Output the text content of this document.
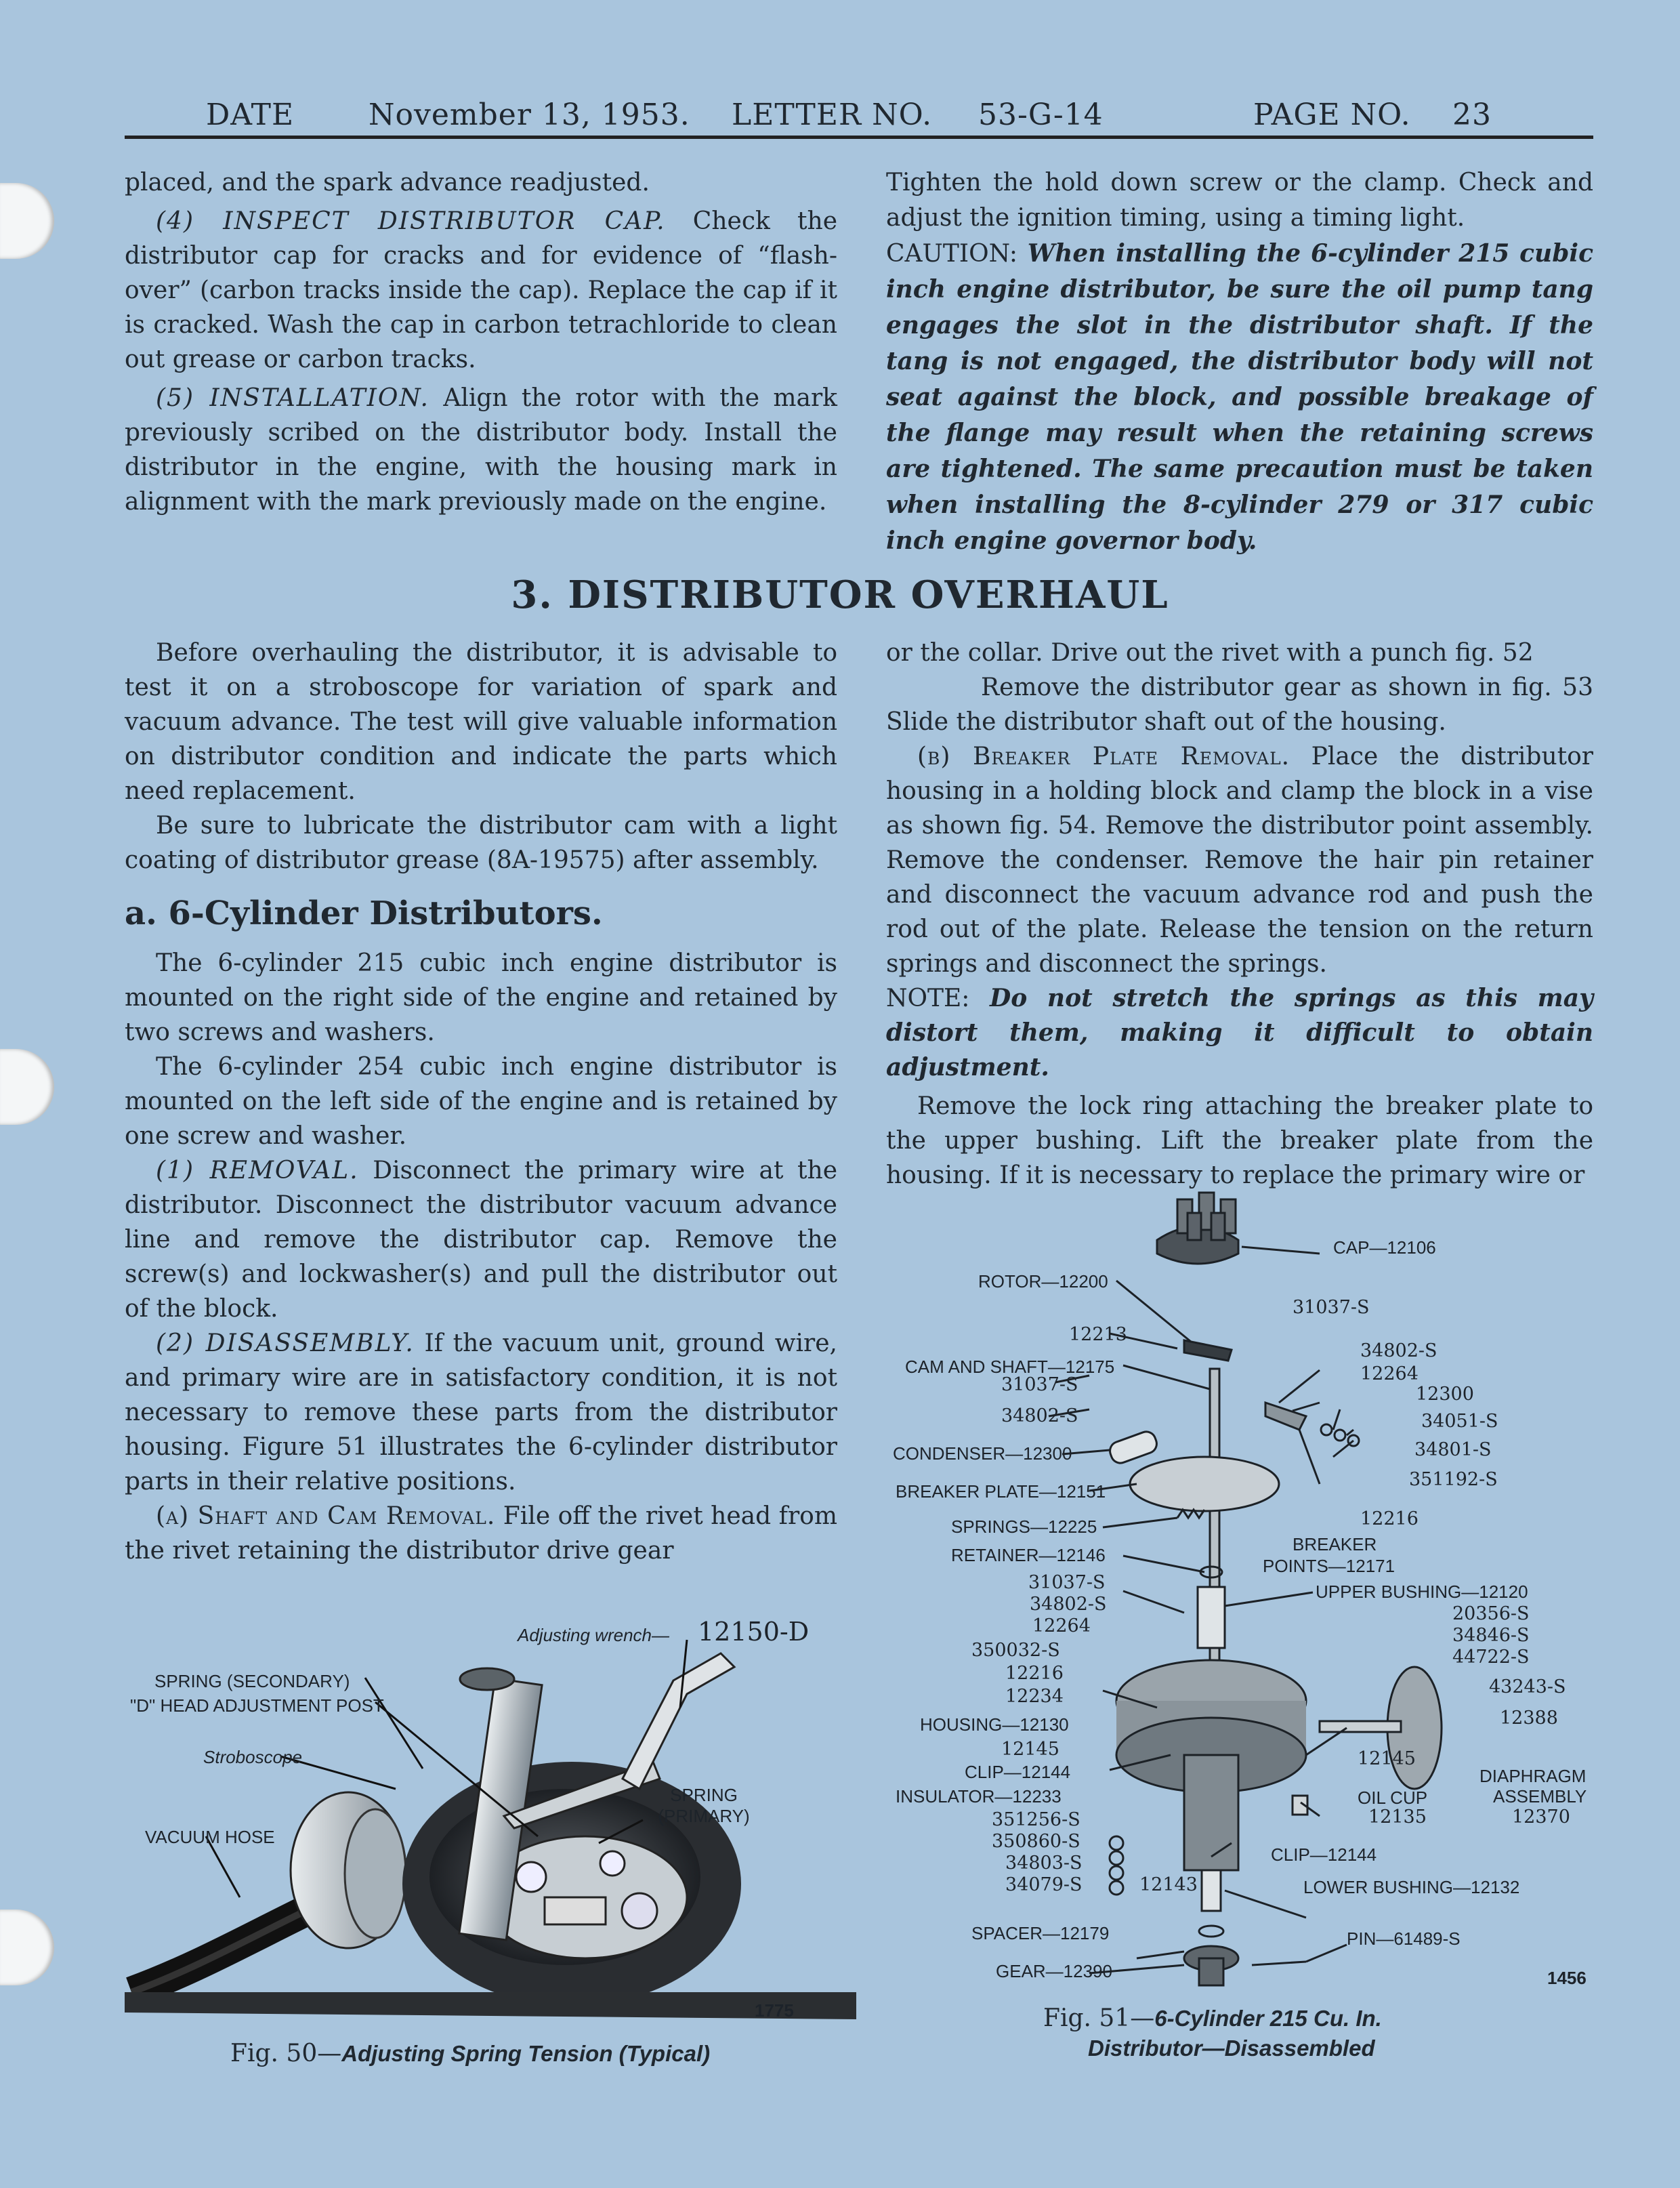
DATE November 13, 1953. LETTER NO. 53-G-14	PAGE NO. 23

placed, and the spark advance readjusted.

(4) INSPECT DISTRIBUTOR CAP. Check the distributor cap for cracks and for evidence of “flash-over” (carbon tracks inside the cap). Replace the cap if it is cracked. Wash the cap in carbon tetrachloride to clean out grease or carbon tracks.

(5) INSTALLATION. Align the rotor with the mark previously scribed on the distributor body. Install the distributor in the engine, with the housing mark in alignment with the mark previously made on the engine.

Tighten the hold down screw or the clamp. Check and adjust the ignition timing, using a timing light.

CAUTION: When installing the 6-cylinder 215 cubic inch engine distributor, be sure the oil pump tang engages the slot in the distributor shaft. If the tang is not engaged, the distributor body will not seat against the block, and possible breakage of the flange may result when the retaining screws are tightened. The same precaution must be taken when installing the 8-cylinder 279 or 317 cubic inch engine governor body.

3. DISTRIBUTOR OVERHAUL

Before overhauling the distributor, it is advisable to test it on a stroboscope for variation of spark and vacuum advance. The test will give valuable information on distributor condition and indicate the parts which need replacement.

Be sure to lubricate the distributor cam with a light coating of distributor grease (8A-19575) after assembly.

a. 6-Cylinder Distributors.

The 6-cylinder 215 cubic inch engine distributor is mounted on the right side of the engine and retained by two screws and washers.

The 6-cylinder 254 cubic inch engine distributor is mounted on the left side of the engine and is retained by one screw and washer.

(1) REMOVAL. Disconnect the primary wire at the distributor. Disconnect the distributor vacuum advance line and remove the distributor cap. Remove the screw(s) and lockwasher(s) and pull the distributor out of the block.

(2) DISASSEMBLY. If the vacuum unit, ground wire, and primary wire are in satisfactory condition, it is not necessary to remove these parts from the distributor housing. Figure 51 illustrates the 6-cylinder distributor parts in their relative positions.

(a) Shaft and Cam Removal. File off the rivet head from the rivet retaining the distributor drive gear

or the collar. Drive out the rivet with a punch fig. 52

Remove the distributor gear as shown in fig. 53 Slide the distributor shaft out of the housing.

(b) Breaker Plate Removal. Place the distributor housing in a holding block and clamp the block in a vise as shown fig. 54. Remove the distributor point assembly. Remove the condenser. Remove the hair pin retainer and disconnect the vacuum advance rod and push the rod out of the plate. Release the tension on the return springs and disconnect the springs.

NOTE: Do not stretch the springs as this may distort them, making it difficult to obtain adjustment.

Remove the lock ring attaching the breaker plate to the upper bushing. Lift the breaker plate from the housing. If it is necessary to replace the primary wire or

Adjusting wrench— 12150-D
SPRING (SECONDARY)
"D" HEAD ADJUSTMENT POST
Stroboscope
SPRING (PRIMARY)
VACUUM HOSE
1775
Fig. 50—Adjusting Spring Tension (Typical)
CAP—12106
ROTOR—12200
31037-S
12213
34802-S
CAM AND SHAFT—12175	12264
31037-S	12300
34802-S	34051-S
CONDENSER—12300	34801-S
BREAKER PLATE—12151
351192-S
SPRINGS—12225	12216
RETAINER—12146
BREAKER
POINTS—12171
31037-S	UPPER BUSHING—12120
34802-S	20356-S
12264	34846-S
350032-S	44722-S
12216
43243-S
12234
12388
HOUSING—12130
12145	12145
CLIP—12144	DIAPHRAGM
ASSEMBLY
12370
INSULATOR—12233	OIL CUP
12135
351256-S
350860-S
CLIP—12144
34803-S
34079-S	12143	LOWER BUSHING—12132
SPACER—12179	PIN—61489-S
GEAR—12390	1456
Fig. 51—6-Cylinder 215 Cu. In.
Distributor—Disassembled
